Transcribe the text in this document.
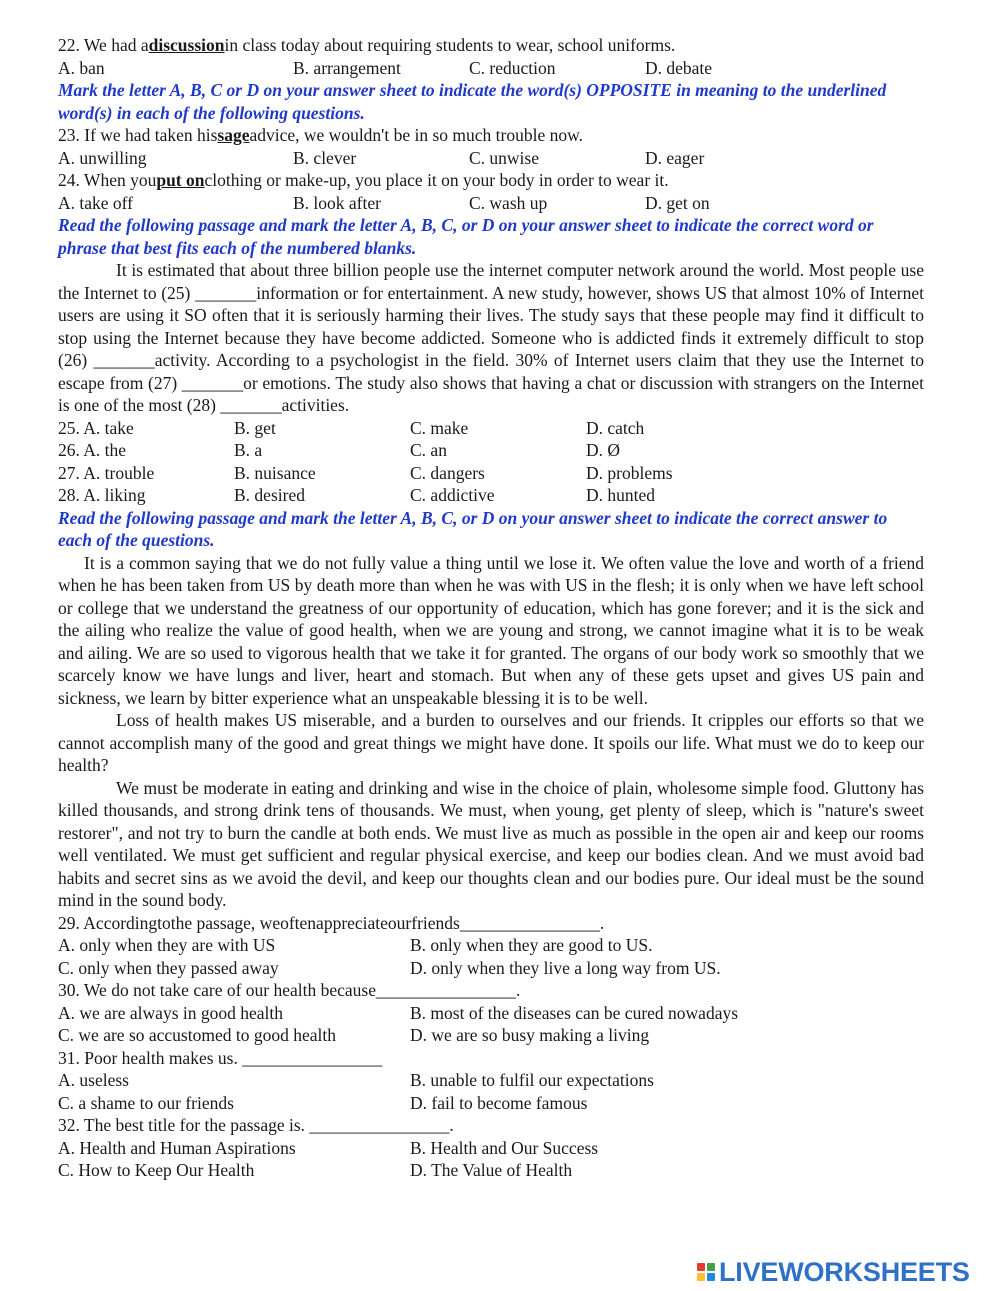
22. We had a discussion in class today about requiring students to wear, school uniforms.
A. ban	B. arrangement	C. reduction	D. debate
Mark the letter A, B, C or D on your answer sheet to indicate the word(s) OPPOSITE in meaning to the underlined word(s) in each of the following questions.
23. If we had taken his sage advice, we wouldn't be in so much trouble now.
A. unwilling	B. clever	C. unwise	D. eager
24. When you put on clothing or make-up, you place it on your body in order to wear it.
A. take off	B. look after	C. wash up	D. get on
Read the following passage and mark the letter A, B, C, or D on your answer sheet to indicate the correct word or phrase that best fits each of the numbered blanks.

It is estimated that about three billion people use the internet computer network around the world. Most people use the Internet to (25) _______information or for entertainment. A new study, however, shows US that almost 10% of Internet users are using it SO often that it is seriously harming their lives. The study says that these people may find it difficult to stop using the Internet because they have become addicted. Someone who is addicted finds it extremely difficult to stop (26) _______activity. According to a psychologist in the field. 30% of Internet users claim that they use the Internet to escape from (27) _______or emotions. The study also shows that having a chat or discussion with strangers on the Internet is one of the most (28) _______activities.

25. A. take	B. get	C. make	D. catch
26. A. the	B. a	C. an	D. Ø
27. A. trouble	B. nuisance	C. dangers	D. problems
28. A. liking	B. desired	C. addictive	D. hunted
Read the following passage and mark the letter A, B, C, or D on your answer sheet to indicate the correct answer to each of the questions.

It is a common saying that we do not fully value a thing until we lose it. We often value the love and worth of a friend when he has been taken from US by death more than when he was with US in the flesh; it is only when we have left school or college that we understand the greatness of our opportunity of education, which has gone forever; and it is the sick and the ailing who realize the value of good health, when we are young and strong, we cannot imagine what it is to be weak and ailing. We are so used to vigorous health that we take it for granted. The organs of our body work so smoothly that we scarcely know we have lungs and liver, heart and stomach. But when any of these gets upset and gives US pain and sickness, we learn by bitter experience what an unspeakable blessing it is to be well.

Loss of health makes US miserable, and a burden to ourselves and our friends. It cripples our efforts so that we cannot accomplish many of the good and great things we might have done. It spoils our life. What must we do to keep our health?

We must be moderate in eating and drinking and wise in the choice of plain, wholesome simple food. Gluttony has killed thousands, and strong drink tens of thousands. We must, when young, get plenty of sleep, which is "nature's sweet restorer", and not try to burn the candle at both ends. We must live as much as possible in the open air and keep our rooms well ventilated. We must get sufficient and regular physical exercise, and keep our bodies clean. And we must avoid bad habits and secret sins as we avoid the devil, and keep our thoughts clean and our bodies pure. Our ideal must be the sound mind in the sound body.

29. Accordingtothe passage, weoftenappreciateourfriends________________.
A. only when they are with US	B. only when they are good to US.
C. only when they passed away	D. only when they live a long way from US.
30. We do not take care of our health because________________.
A. we are always in good health	B. most of the diseases can be cured nowadays
C. we are so accustomed to good health	D. we are so busy making a living
31. Poor health makes us. ________________
A. useless	B. unable to fulfil our expectations
C. a shame to our friends	D. fail to become famous
32. The best title for the passage is. ________________.
A. Health and Human Aspirations	B. Health and Our Success
C. How to Keep Our Health	D. The Value of Health
LIVEWORKSHEETS
